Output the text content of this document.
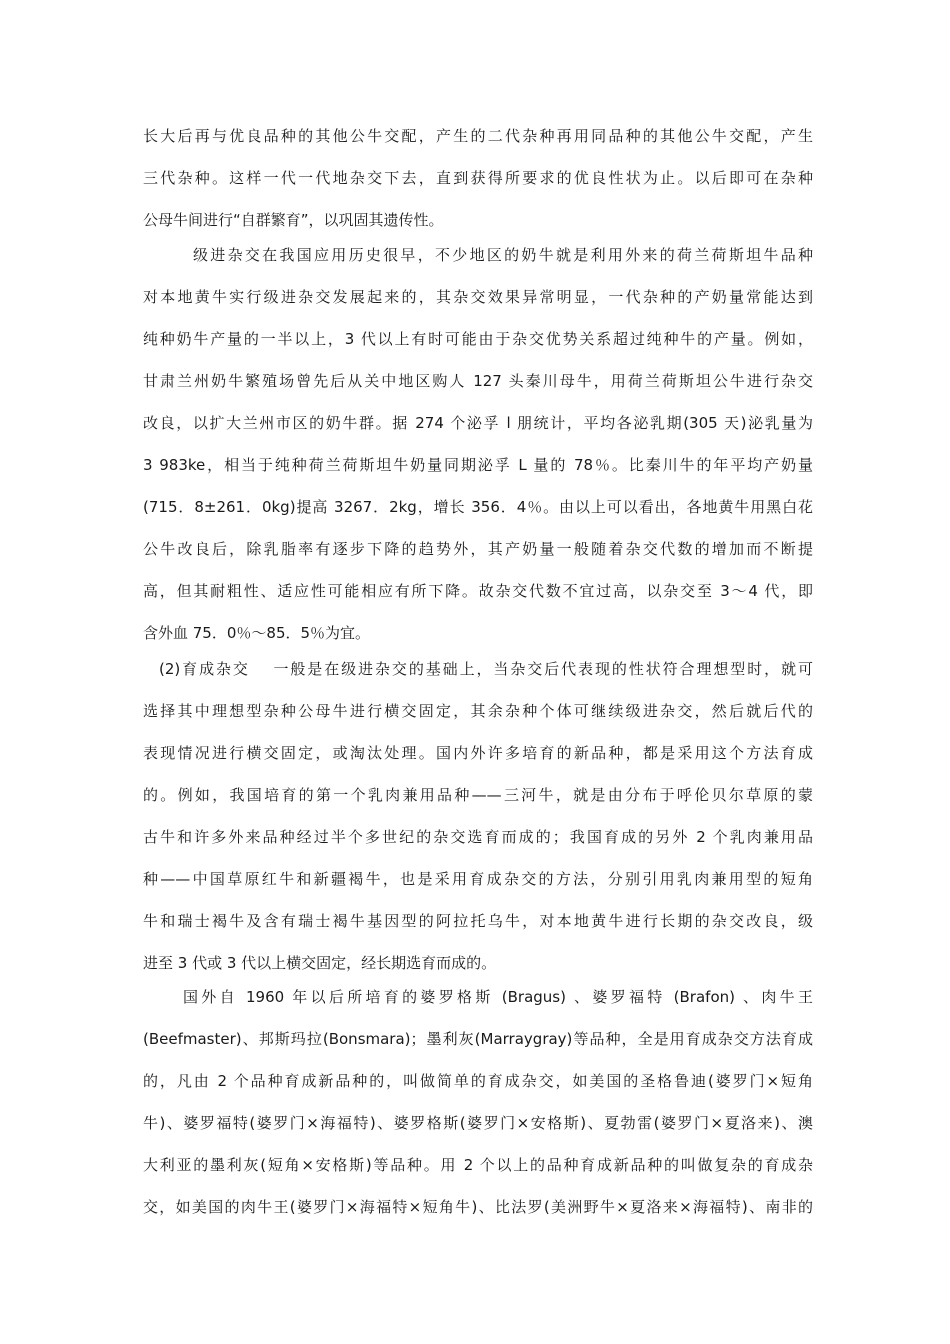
长大后再与优良品种的其他公牛交配，产生的二代杂种再用同品种的其他公牛交配，产生
三代杂种。这样一代一代地杂交下去，直到获得所要求的优良性状为止。以后即可在杂种
公母牛间进行“自群繁育”，以巩固其遗传性。
级进杂交在我国应用历史很早，不少地区的奶牛就是利用外来的荷兰荷斯坦牛品种
对本地黄牛实行级进杂交发展起来的，其杂交效果异常明显，一代杂种的产奶量常能达到
纯种奶牛产量的一半以上，3 代以上有时可能由于杂交优势关系超过纯种牛的产量。例如，
甘肃兰州奶牛繁殖场曾先后从关中地区购人 127 头秦川母牛，用荷兰荷斯坦公牛进行杂交
改良，以扩大兰州市区的奶牛群。据 274 个泌孚 l 朋统计，平均各泌乳期(305 天)泌乳量为
3 983ke，相当于纯种荷兰荷斯坦牛奶量同期泌孚 L 量的 78％。比秦川牛的年平均产奶量
(715．8±261．0kg)提高 3267．2kg，增长 356．4％。由以上可以看出，各地黄牛用黑白花
公牛改良后，除乳脂率有逐步下降的趋势外，其产奶量一般随着杂交代数的增加而不断提
高，但其耐粗性、适应性可能相应有所下降。故杂交代数不宜过高，以杂交至 3～4 代，即
含外血 75．0％～85．5％为宜。
(2)育成杂交　 一般是在级进杂交的基础上，当杂交后代表现的性状符合理想型时，就可
选择其中理想型杂种公母牛进行横交固定，其余杂种个体可继续级进杂交，然后就后代的
表现情况进行横交固定，或淘汰处理。国内外许多培育的新品种，都是采用这个方法育成
的。例如，我国培育的第一个乳肉兼用品种——三河牛，就是由分布于呼伦贝尔草原的蒙
古牛和许多外来品种经过半个多世纪的杂交选育而成的；我国育成的另外 2 个乳肉兼用品
种——中国草原红牛和新疆褐牛，也是采用育成杂交的方法，分别引用乳肉兼用型的短角
牛和瑞士褐牛及含有瑞士褐牛基因型的阿拉托乌牛，对本地黄牛进行长期的杂交改良，级
进至 3 代或 3 代以上横交固定，经长期选育而成的。
国外自 1960 年以后所培育的婆罗格斯 (Bragus) 、婆罗福特 (Brafon) 、肉牛王
(Beefmaster)、邦斯玛拉(Bonsmara)；墨利灰(Marraygray)等品种，全是用育成杂交方法育成
的，凡由 2 个品种育成新品种的，叫做简单的育成杂交，如美国的圣格鲁迪(婆罗门×短角
牛)、婆罗福特(婆罗门×海福特)、婆罗格斯(婆罗门×安格斯)、夏勃雷(婆罗门×夏洛来)、澳
大利亚的墨利灰(短角×安格斯)等品种。用 2 个以上的品种育成新品种的叫做复杂的育成杂
交，如美国的肉牛王(婆罗门×海福特×短角牛)、比法罗(美洲野牛×夏洛来×海福特)、南非的
